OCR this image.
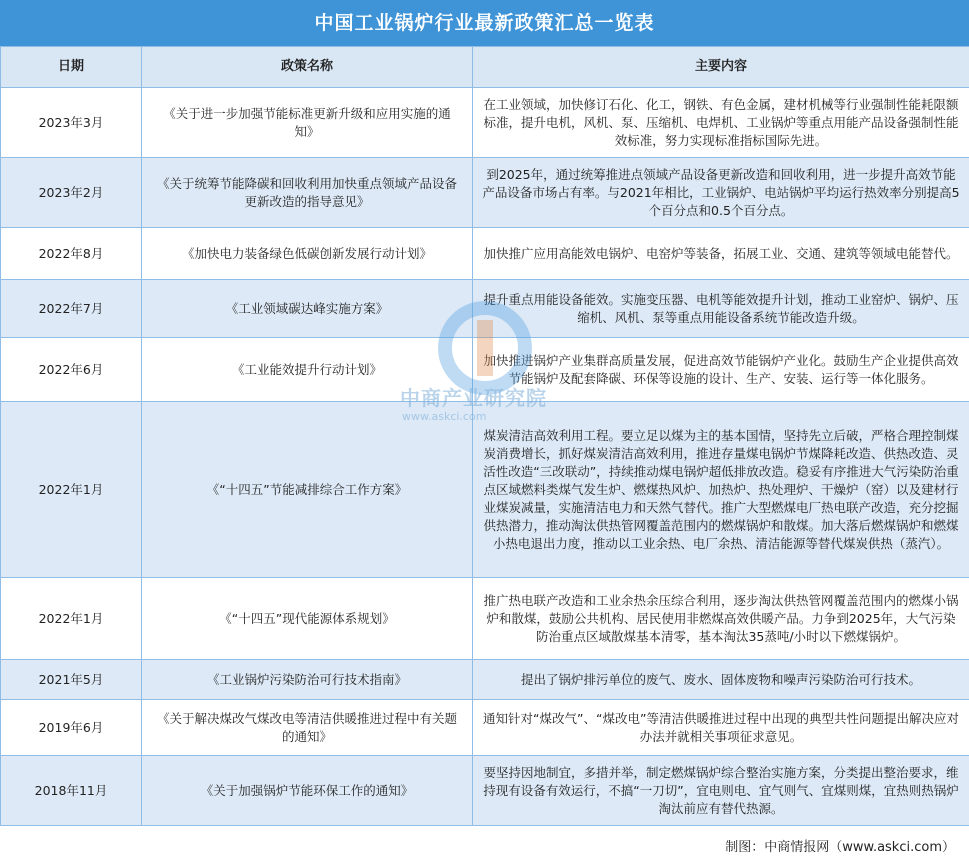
中国工业锅炉行业最新政策汇总一览表
日期	政策名称	主要内容
2023年3月	《关于进一步加强节能标准更新升级和应用实施的通知》	在工业领域，加快修订石化、化工，钢铁、有色金属，建材机械等行业强制性能耗限额标准，提升电机，风机、泵、压缩机、电焊机、工业锅炉等重点用能产品设备强制性能效标准，努力实现标准指标国际先进。
2023年2月	《关于统筹节能降碳和回收利用加快重点领域产品设备更新改造的指导意见》	到2025年，通过统筹推进点领域产品设备更新改造和回收利用，进一步提升高效节能产品设备市场占有率。与2021年相比，工业锅炉、电站锅炉平均运行热效率分别提高5个百分点和0.5个百分点。
2022年8月	《加快电力装备绿色低碳创新发展行动计划》	加快推广应用高能效电锅炉、电窑炉等装备，拓展工业、交通、建筑等领域电能替代。
2022年7月	《工业领域碳达峰实施方案》	提升重点用能设备能效。实施变压器、电机等能效提升计划，推动工业窑炉、锅炉、压缩机、风机、泵等重点用能设备系统节能改造升级。
2022年6月	《工业能效提升行动计划》	加快推进锅炉产业集群高质量发展，促进高效节能锅炉产业化。鼓励生产企业提供高效节能锅炉及配套降碳、环保等设施的设计、生产、安装、运行等一体化服务。
2022年1月	《“十四五”节能减排综合工作方案》	煤炭清洁高效利用工程。要立足以煤为主的基本国情，坚持先立后破，严格合理控制煤炭消费增长，抓好煤炭清洁高效利用，推进存量煤电锅炉节煤降耗改造、供热改造、灵活性改造“三改联动”，持续推动煤电锅炉超低排放改造。稳妥有序推进大气污染防治重点区域燃料类煤气发生炉、燃煤热风炉、加热炉、热处理炉、干燥炉（窑）以及建材行业煤炭减量，实施清洁电力和天然气替代。推广大型燃煤电厂热电联产改造，充分挖掘供热潜力，推动淘汰供热管网覆盖范围内的燃煤锅炉和散煤。加大落后燃煤锅炉和燃煤小热电退出力度，推动以工业余热、电厂余热、清洁能源等替代煤炭供热（蒸汽）。
2022年1月	《“十四五”现代能源体系规划》	推广热电联产改造和工业余热余压综合利用，逐步淘汰供热管网覆盖范围内的燃煤小锅炉和散煤，鼓励公共机构、居民使用非燃煤高效供暖产品。力争到2025年，大气污染防治重点区域散煤基本清零，基本淘汰35蒸吨/小时以下燃煤锅炉。
2021年5月	《工业锅炉污染防治可行技术指南》	提出了锅炉排污单位的废气、废水、固体废物和噪声污染防治可行技术。
2019年6月	《关于解决煤改气煤改电等清洁供暖推进过程中有关题的通知》	通知针对“煤改气”、“煤改电”等清洁供暖推进过程中出现的典型共性问题提出解决应对办法并就相关事项征求意见。
2018年11月	《关于加强锅炉节能环保工作的通知》	要坚持因地制宜，多措并举，制定燃煤锅炉综合整治实施方案，分类提出整治要求，维持现有设备有效运行，不搞“一刀切”，宜电则电、宜气则气、宜煤则煤，宜热则热锅炉淘汰前应有替代热源。
中商产业研究院
www.askci.com
制图：中商情报网（www.askci.com）
